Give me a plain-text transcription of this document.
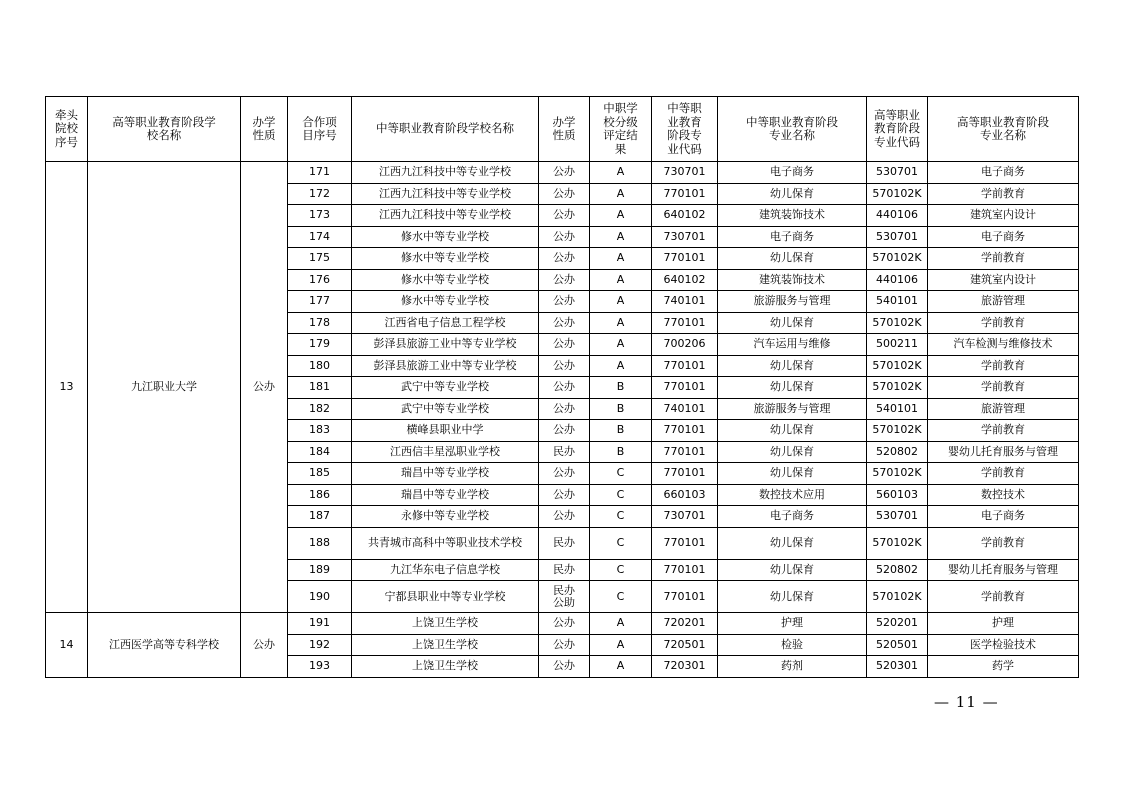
牵头院校序号	高等职业教育阶段学校名称	办学性质	合作项目序号	中等职业教育阶段学校名称	办学性质	中职学校分级评定结果	中等职业教育阶段专业代码	中等职业教育阶段专业名称	高等职业教育阶段专业代码	高等职业教育阶段专业名称
13	九江职业大学	公办	171	江西九江科技中等专业学校	公办	A	730701	电子商务	530701	电子商务
			172	江西九江科技中等专业学校	公办	A	770101	幼儿保育	570102K	学前教育
			173	江西九江科技中等专业学校	公办	A	640102	建筑装饰技术	440106	建筑室内设计
			174	修水中等专业学校	公办	A	730701	电子商务	530701	电子商务
			175	修水中等专业学校	公办	A	770101	幼儿保育	570102K	学前教育
			176	修水中等专业学校	公办	A	640102	建筑装饰技术	440106	建筑室内设计
			177	修水中等专业学校	公办	A	740101	旅游服务与管理	540101	旅游管理
			178	江西省电子信息工程学校	公办	A	770101	幼儿保育	570102K	学前教育
			179	彭泽县旅游工业中等专业学校	公办	A	700206	汽车运用与维修	500211	汽车检测与维修技术
			180	彭泽县旅游工业中等专业学校	公办	A	770101	幼儿保育	570102K	学前教育
			181	武宁中等专业学校	公办	B	770101	幼儿保育	570102K	学前教育
			182	武宁中等专业学校	公办	B	740101	旅游服务与管理	540101	旅游管理
			183	横峰县职业中学	公办	B	770101	幼儿保育	570102K	学前教育
			184	江西信丰星泓职业学校	民办	B	770101	幼儿保育	520802	婴幼儿托育服务与管理
			185	瑞昌中等专业学校	公办	C	770101	幼儿保育	570102K	学前教育
			186	瑞昌中等专业学校	公办	C	660103	数控技术应用	560103	数控技术
			187	永修中等专业学校	公办	C	730701	电子商务	530701	电子商务
			188	共青城市高科中等职业技术学校	民办	C	770101	幼儿保育	570102K	学前教育
			189	九江华东电子信息学校	民办	C	770101	幼儿保育	520802	婴幼儿托育服务与管理
			190	宁都县职业中等专业学校	民办公助	C	770101	幼儿保育	570102K	学前教育
14	江西医学高等专科学校	公办	191	上饶卫生学校	公办	A	720201	护理	520201	护理
			192	上饶卫生学校	公办	A	720501	检验	520501	医学检验技术
			193	上饶卫生学校	公办	A	720301	药剂	520301	药学
— 11 —
